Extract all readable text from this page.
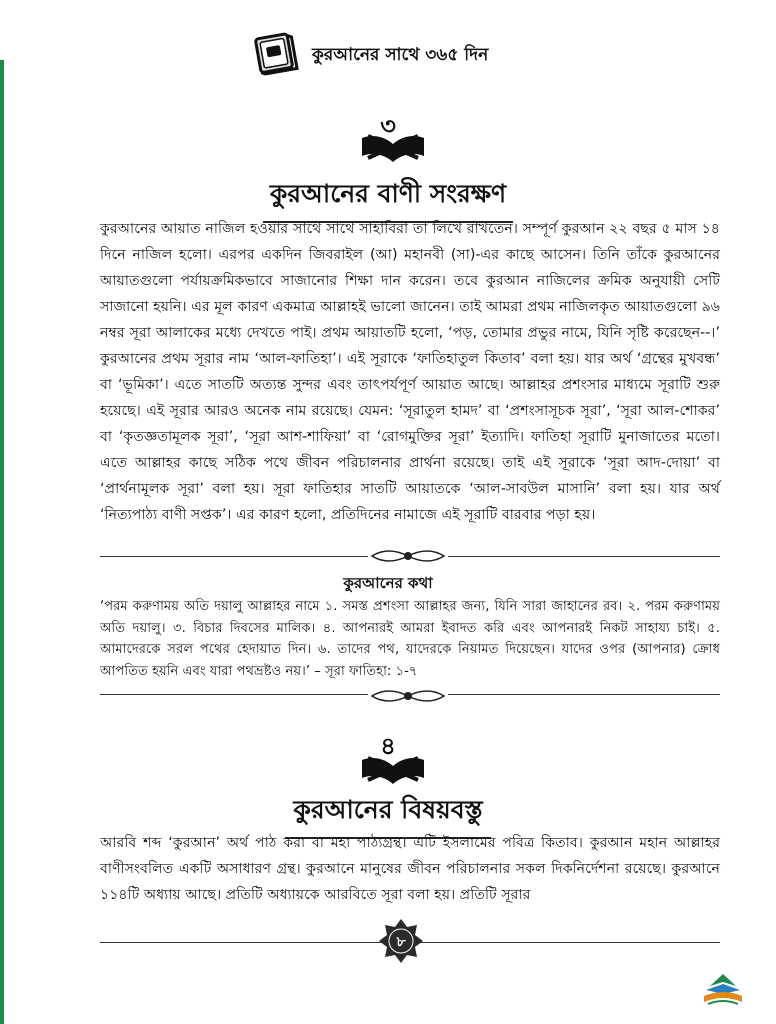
কুরআনের সাথে ৩৬৫ দিন
৩
কুরআনের বাণী সংরক্ষণ
কুরআনের আয়াত নাজিল হওয়ার সাথে সাথে সাহাবিরা তা লিখে রাখতেন। সম্পূর্ণ কুরআন ২২ বছর ৫ মাস ১৪ দিনে নাজিল হলো। এরপর একদিন জিবরাইল (আ) মহানবী (সা)-এর কাছে আসেন। তিনি তাঁকে কুরআনের আয়াতগুলো পর্যায়ক্রমিকভাবে সাজানোর শিক্ষা দান করেন। তবে কুরআন নাজিলের ক্রমিক অনুযায়ী সেটি সাজানো হয়নি। এর মূল কারণ একমাত্র আল্লাহই ভালো জানেন। তাই আমরা প্রথম নাজিলকৃত আয়াতগুলো ৯৬ নম্বর সূরা আলাকের মধ্যে দেখতে পাই। প্রথম আয়াতটি হলো, ‘পড়, তোমার প্রভুর নামে, যিনি সৃষ্টি করেছেন--।’ কুরআনের প্রথম সূরার নাম ‘আল-ফাতিহা’। এই সূরাকে ‘ফাতিহাতুল কিতাব’ বলা হয়। যার অর্থ ‘গ্রন্থের মুখবন্ধ’ বা ‘ভূমিকা’। এতে সাতটি অত্যন্ত সুন্দর এবং তাৎপর্যপূর্ণ আয়াত আছে। আল্লাহর প্রশংসার মাধ্যমে সূরাটি শুরু হয়েছে। এই সূরার আরও অনেক নাম রয়েছে। যেমন: ‘সূরাতুল হামদ’ বা ‘প্রশংসাসূচক সূরা’, ‘সূরা আল-শোকর’ বা ‘কৃতজ্ঞতামূলক সূরা’, ‘সূরা আশ-শাফিয়া’ বা ‘রোগমুক্তির সূরা’ ইত্যাদি। ফাতিহা সূরাটি মুনাজাতের মতো। এতে আল্লাহর কাছে সঠিক পথে জীবন পরিচালনার প্রার্থনা রয়েছে। তাই এই সূরাকে ‘সূরা আদ-দোয়া’ বা ‘প্রার্থনামূলক সূরা’ বলা হয়। সূরা ফাতিহার সাতটি আয়াতকে ‘আল-সাবউল মাসানি’ বলা হয়। যার অর্থ ‘নিত্যপাঠ্য বাণী সপ্তক’। এর কারণ হলো, প্রতিদিনের নামাজে এই সূরাটি বারবার পড়া হয়।
কুরআনের কথা
‘পরম করুণাময় অতি দয়ালু আল্লাহর নামে ১. সমস্ত প্রশংসা আল্লাহর জন্য, যিনি সারা জাহানের রব। ২. পরম করুণাময় অতি দয়ালু। ৩. বিচার দিবসের মালিক। ৪. আপনারই আমরা ইবাদত করি এবং আপনারই নিকট সাহায্য চাই। ৫. আমাদেরকে সরল পথের হেদায়াত দিন। ৬. তাদের পথ, যাদেরকে নিয়ামত দিয়েছেন। যাদের ওপর (আপনার) ক্রোধ আপতিত হয়নি এবং যারা পথভ্রষ্টও নয়।’ – সূরা ফাতিহা: ১-৭
৪
কুরআনের বিষয়বস্তু
আরবি শব্দ ‘কুরআন’ অর্থ পাঠ করা বা মহা পাঠ্যগ্রন্থ। এটি ইসলামের পবিত্র কিতাব। কুরআন মহান আল্লাহর বাণীসংবলিত একটি অসাধারণ গ্রন্থ। কুরআনে মানুষের জীবন পরিচালনার সকল দিকনির্দেশনা রয়েছে। কুরআনে ১১৪টি অধ্যায় আছে। প্রতিটি অধ্যায়কে আরবিতে সূরা বলা হয়। প্রতিটি সূরার
৮
